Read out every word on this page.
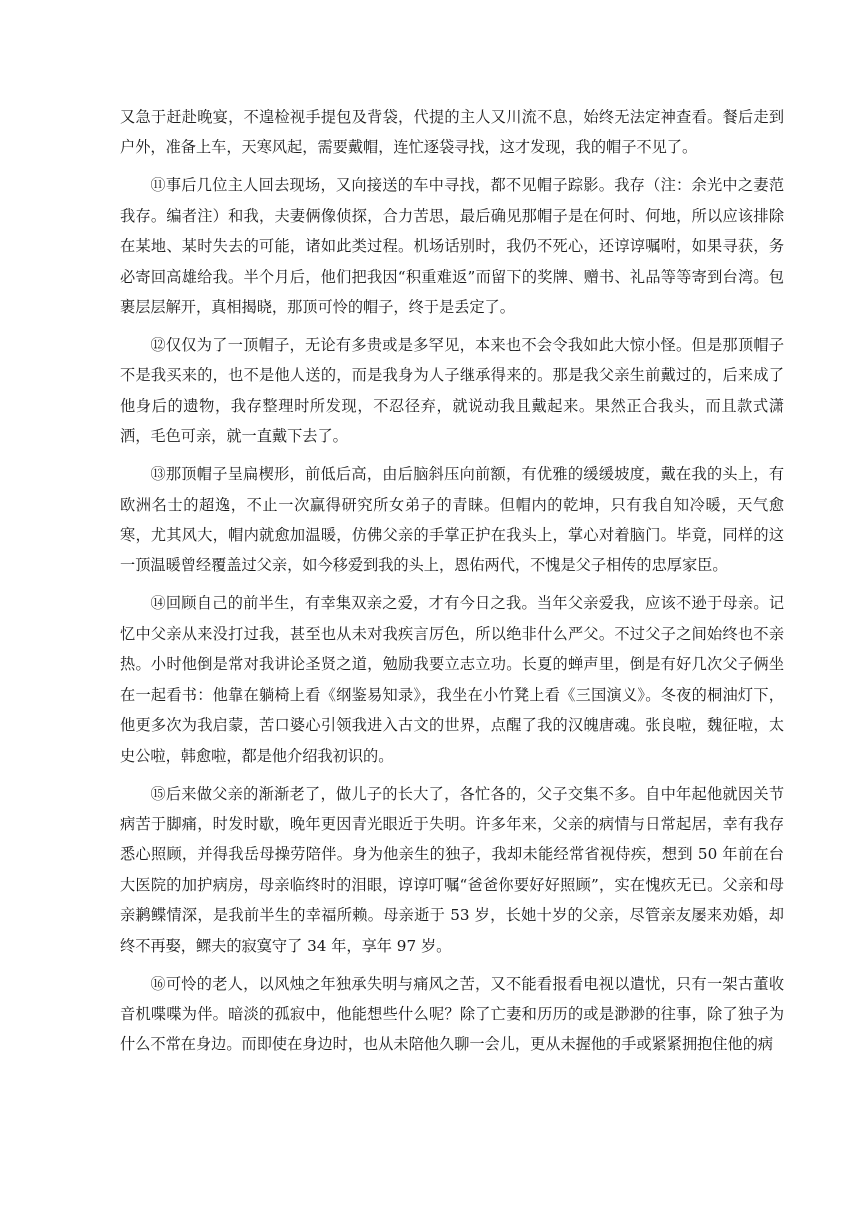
又急于赶赴晚宴，不遑检视手提包及背袋，代提的主人又川流不息，始终无法定神查看。餐后走到户外，准备上车，天寒风起，需要戴帽，连忙逐袋寻找，这才发现，我的帽子不见了。

⑪事后几位主人回去现场，又向接送的车中寻找，都不见帽子踪影。我存（注：余光中之妻范我存。编者注）和我，夫妻俩像侦探，合力苦思，最后确见那帽子是在何时、何地，所以应该排除在某地、某时失去的可能，诸如此类过程。机场话别时，我仍不死心，还谆谆嘱咐，如果寻获，务必寄回高雄给我。半个月后，他们把我因“积重难返”而留下的奖牌、赠书、礼品等等寄到台湾。包裹层层解开，真相揭晓，那顶可怜的帽子，终于是丢定了。

⑫仅仅为了一顶帽子，无论有多贵或是多罕见，本来也不会令我如此大惊小怪。但是那顶帽子不是我买来的，也不是他人送的，而是我身为人子继承得来的。那是我父亲生前戴过的，后来成了他身后的遗物，我存整理时所发现，不忍径弃，就说动我且戴起来。果然正合我头，而且款式潇洒，毛色可亲，就一直戴下去了。

⑬那顶帽子呈扁楔形，前低后高，由后脑斜压向前额，有优雅的缓缓坡度，戴在我的头上，有欧洲名士的超逸，不止一次赢得研究所女弟子的青睐。但帽内的乾坤，只有我自知冷暖，天气愈寒，尤其风大，帽内就愈加温暖，仿佛父亲的手掌正护在我头上，掌心对着脑门。毕竟，同样的这一顶温暖曾经覆盖过父亲，如今移爱到我的头上，恩佑两代，不愧是父子相传的忠厚家臣。

⑭回顾自己的前半生，有幸集双亲之爱，才有今日之我。当年父亲爱我，应该不逊于母亲。记忆中父亲从来没打过我，甚至也从未对我疾言厉色，所以绝非什么严父。不过父子之间始终也不亲热。小时他倒是常对我讲论圣贤之道，勉励我要立志立功。长夏的蝉声里，倒是有好几次父子俩坐在一起看书：他靠在躺椅上看《纲鉴易知录》，我坐在小竹凳上看《三国演义》。冬夜的桐油灯下，他更多次为我启蒙，苦口婆心引领我进入古文的世界，点醒了我的汉魄唐魂。张良啦，魏征啦，太史公啦，韩愈啦，都是他介绍我初识的。

⑮后来做父亲的渐渐老了，做儿子的长大了，各忙各的，父子交集不多。自中年起他就因关节病苦于脚痛，时发时歇，晚年更因青光眼近于失明。许多年来，父亲的病情与日常起居，幸有我存悉心照顾，并得我岳母操劳陪伴。身为他亲生的独子，我却未能经常省视侍疾，想到 50 年前在台大医院的加护病房，母亲临终时的泪眼，谆谆叮嘱“爸爸你要好好照顾”，实在愧疚无已。父亲和母亲鹣鲽情深，是我前半生的幸福所赖。母亲逝于 53 岁，长她十岁的父亲，尽管亲友屡来劝婚，却终不再娶，鳏夫的寂寞守了 34 年，享年 97 岁。

⑯可怜的老人，以风烛之年独承失明与痛风之苦，又不能看报看电视以遣忧，只有一架古董收音机喋喋为伴。暗淡的孤寂中，他能想些什么呢？除了亡妻和历历的或是渺渺的往事，除了独子为什么不常在身边。而即使在身边时，也从未陪他久聊一会儿，更从未握他的手或紧紧拥抱住他的病
